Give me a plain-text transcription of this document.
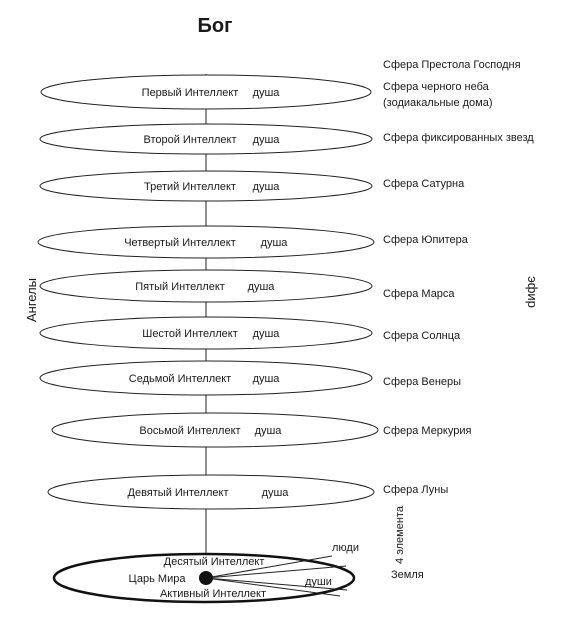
Бог
Сфера Престола Господня
Ангелы	эфир
Первый Интеллект душа	Сфера черного неба
(зодиакальные дома)
Второй Интеллект душа	Сфера фиксированных звезд
Третий Интеллект душа	Сфера Сатурна
Четвертый Интеллект душа	Сфера Юпитера
Пятый Интеллект душа
Сфера Марса
Шестой Интеллект душа	Сфера Солнца
Седьмой Интеллект душа	Сфера Венеры
Восьмой Интеллект душа	Сфера Меркурия
Девятый Интеллект	душа	Сфера Луны
Десятый Интеллект
Царь Мира
Активный Интеллект
люди
души
4 элемента
Земля
